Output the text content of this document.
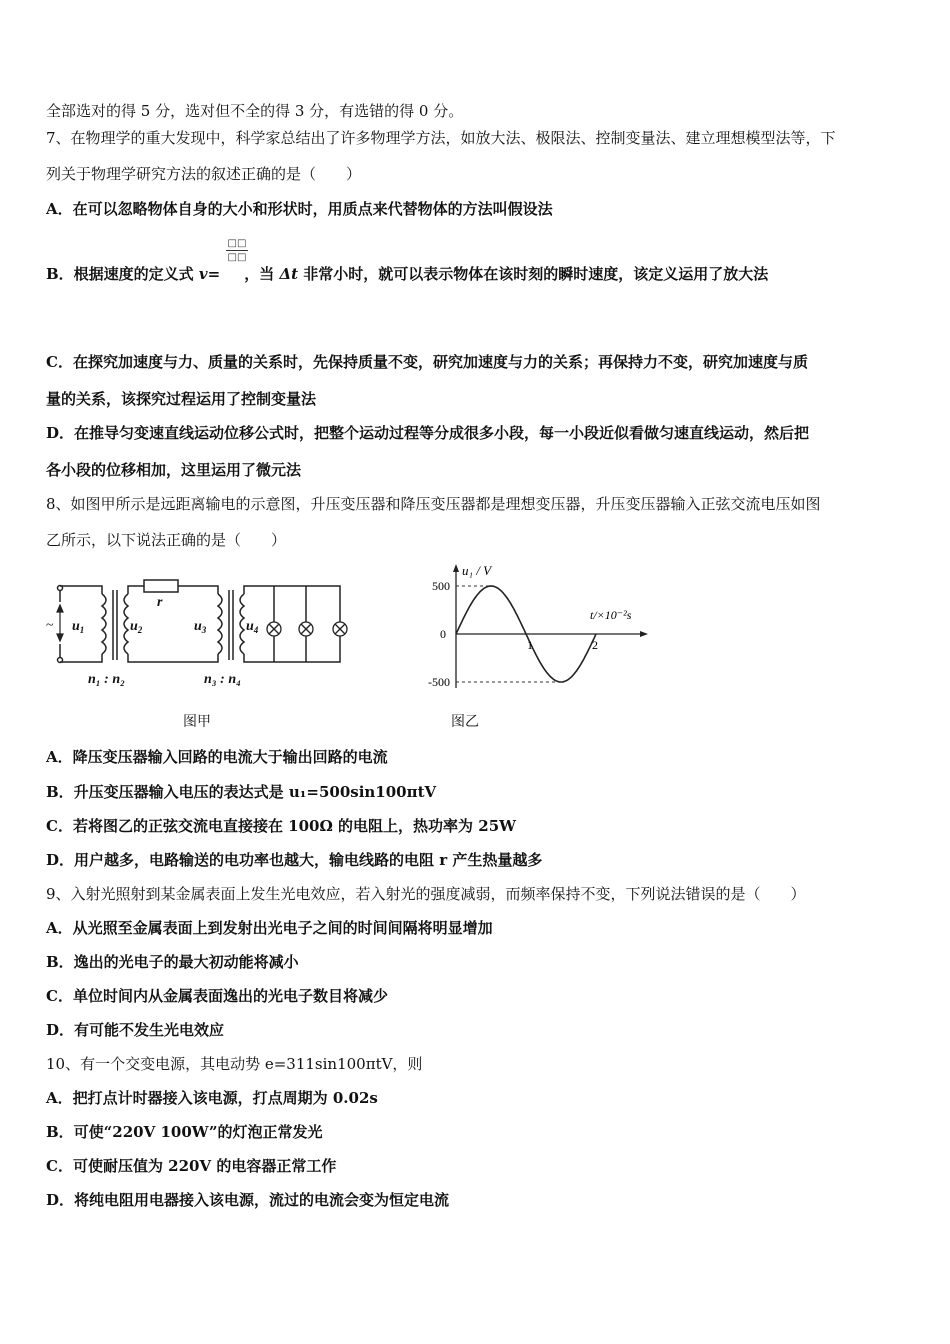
全部选对的得 5 分，选对但不全的得 3 分，有选错的得 0 分。
7、在物理学的重大发现中，科学家总结出了许多物理学方法，如放大法、极限法、控制变量法、建立理想模型法等，下
列关于物理学研究方法的叙述正确的是（　　）
A．在可以忽略物体自身的大小和形状时，用质点来代替物体的方法叫假设法
B．根据速度的定义式 v= ，当 Δt 非常小时，就可以表示物体在该时刻的瞬时速度，该定义运用了放大法
□□
□□
C．在探究加速度与力、质量的关系时，先保持质量不变，研究加速度与力的关系；再保持力不变，研究加速度与质
量的关系，该探究过程运用了控制变量法
D．在推导匀变速直线运动位移公式时，把整个运动过程等分成很多小段，每一小段近似看做匀速直线运动，然后把
各小段的位移相加，这里运用了微元法
8、如图甲所示是远距离输电的示意图，升压变压器和降压变压器都是理想变压器，升压变压器输入正弦交流电压如图
乙所示，以下说法正确的是（　　）
~ $u_1$	$u_2$	$u_3$	$u_4$
r
n₁ : n₂	n₃ : n₄
图甲
u₁ / V
t/×10⁻²s
500
0
-500
1	2
图乙
A．降压变压器输入回路的电流大于输出回路的电流
B．升压变压器输入电压的表达式是 u₁=500sin100πtV
C．若将图乙的正弦交流电直接接在 100Ω 的电阻上，热功率为 25W
D．用户越多，电路输送的电功率也越大，输电线路的电阻 r 产生热量越多
9、入射光照射到某金属表面上发生光电效应，若入射光的强度减弱，而频率保持不变，下列说法错误的是（　　）
A．从光照至金属表面上到发射出光电子之间的时间间隔将明显增加
B．逸出的光电子的最大初动能将减小
C．单位时间内从金属表面逸出的光电子数目将减少
D．有可能不发生光电效应
10、有一个交变电源，其电动势 e=311sin100πtV，则
A．把打点计时器接入该电源，打点周期为 0.02s
B．可使“220V 100W”的灯泡正常发光
C．可使耐压值为 220V 的电容器正常工作
D．将纯电阻用电器接入该电源，流过的电流会变为恒定电流
